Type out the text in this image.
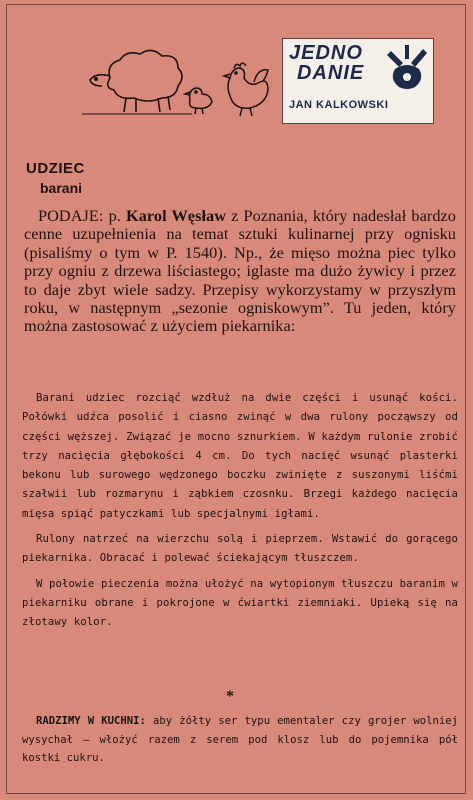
JEDNO
DANIE
JAN KALKOWSKI
UDZIEC
barani
PODAJE: p. Karol Węsław z Poznania, który nadesłał bardzo cenne uzupełnienia na temat sztuki kulinarnej przy ognisku (pisaliśmy o tym w P. 1540). Np., że mięso można piec tylko przy ogniu z drzewa liściastego; iglaste ma dużo żywicy i przez to daje zbyt wiele sadzy. Przepisy wykorzystamy w przyszłym roku, w następnym „sezonie ogniskowym”. Tu jeden, który można zastosować z użyciem piekarnika:

Barani udziec rozciąć wzdłuż na dwie części i usunąć kości. Połówki udźca posolić i ciasno zwinąć w dwa rulony począwszy od części węższej. Związać je mocno sznurkiem. W każdym rulonie zrobić trzy nacięcia głębokości 4 cm. Do tych nacięć wsunąć plasterki bekonu lub surowego wędzonego boczku zwinięte z suszonymi liśćmi szałwii lub rozmarynu i ząbkiem czosnku. Brzegi każdego nacięcia mięsa spiąć patyczkami lub specjalnymi igłami.

Rulony natrzeć na wierzchu solą i pieprzem. Wstawić do gorącego piekarnika. Obracać i polewać ściekającym tłuszczem.

W połowie pieczenia można ułożyć na wytopionym tłuszczu baranim w piekarniku obrane i pokrojone w ćwiartki ziemniaki. Upieką się na złotawy kolor.

*
RADZIMY W KUCHNI: aby żółty ser typu ementaler czy grojer wolniej wysychał — włożyć razem z serem pod klosz lub do pojemnika pół kostki cukru.
